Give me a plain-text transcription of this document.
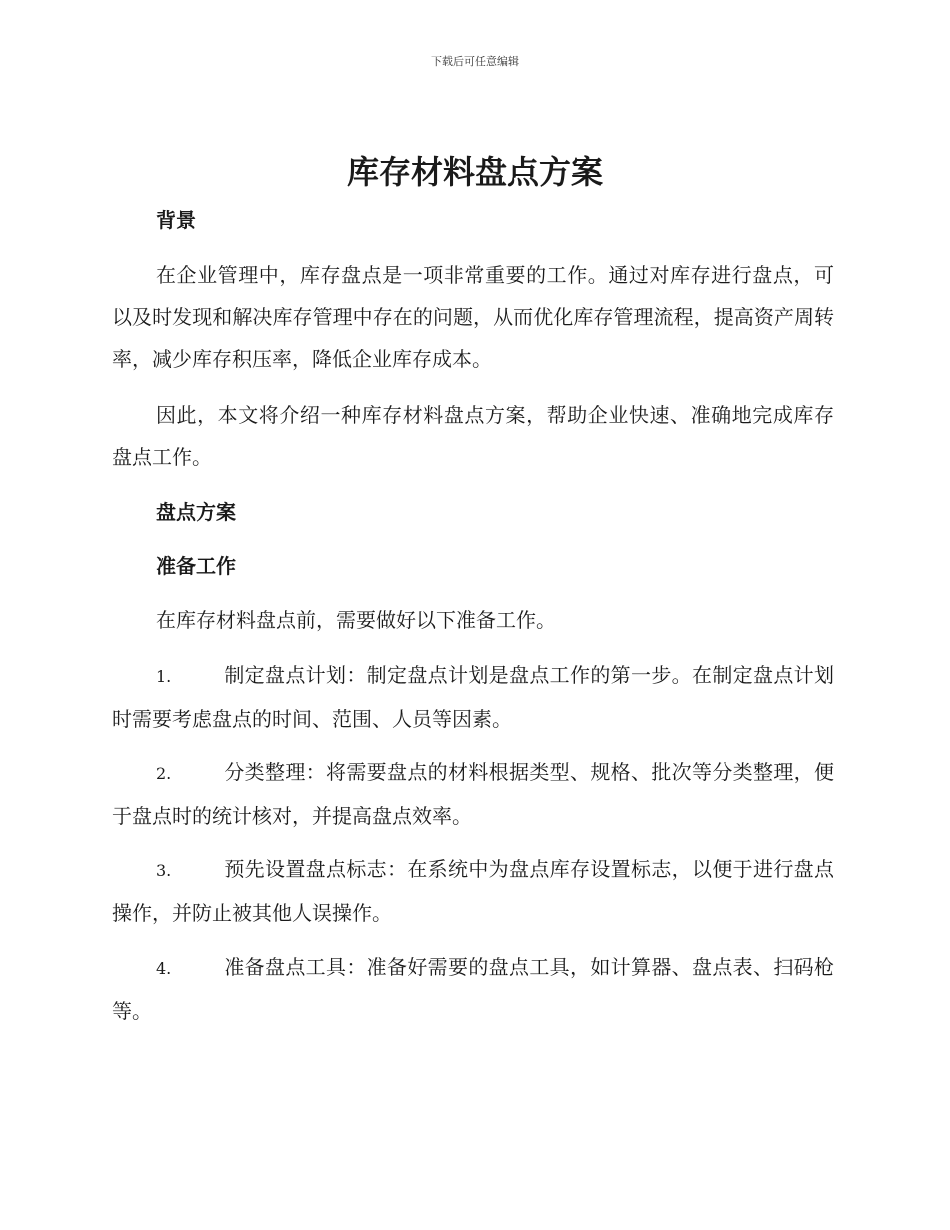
下载后可任意编辑
库存材料盘点方案
背景

在企业管理中，库存盘点是一项非常重要的工作。通过对库存进行盘点，可以及时发现和解决库存管理中存在的问题，从而优化库存管理流程，提高资产周转率，减少库存积压率，降低企业库存成本。

因此，本文将介绍一种库存材料盘点方案，帮助企业快速、准确地完成库存盘点工作。

盘点方案
准备工作

在库存材料盘点前，需要做好以下准备工作。

1.	制定盘点计划：制定盘点计划是盘点工作的第一步。在制定盘点计划时需要考虑盘点的时间、范围、人员等因素。
2.	分类整理：将需要盘点的材料根据类型、规格、批次等分类整理，便于盘点时的统计核对，并提高盘点效率。
3.	预先设置盘点标志：在系统中为盘点库存设置标志，以便于进行盘点操作，并防止被其他人误操作。
4.	准备盘点工具：准备好需要的盘点工具，如计算器、盘点表、扫码枪等。
